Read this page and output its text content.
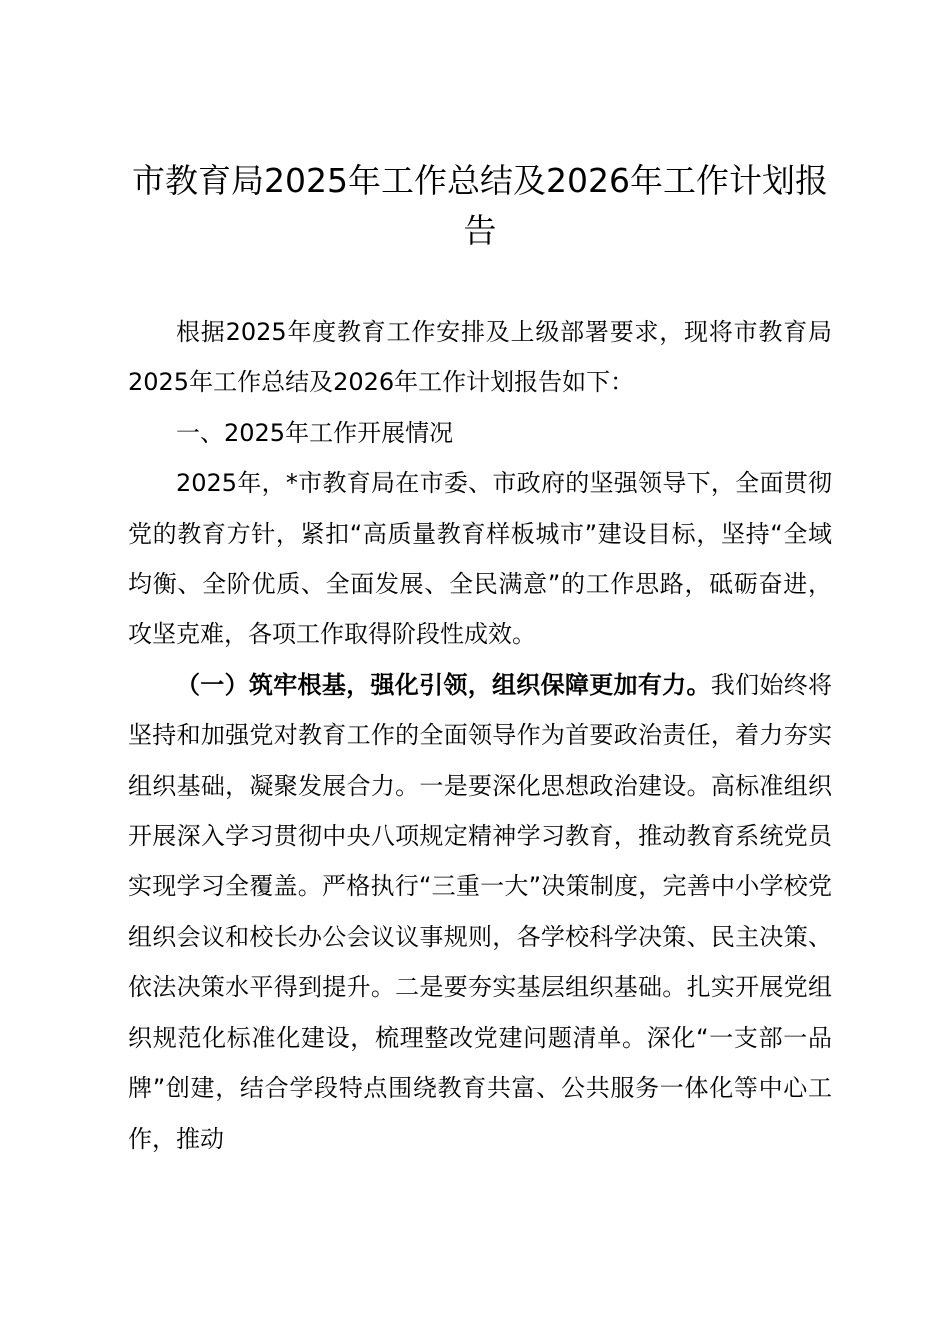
市教育局2025年工作总结及2026年工作计划报告

根据2025年度教育工作安排及上级部署要求，现将市教育局2025年工作总结及2026年工作计划报告如下：

一、2025年工作开展情况

2025年，*市教育局在市委、市政府的坚强领导下，全面贯彻党的教育方针，紧扣“高质量教育样板城市”建设目标，坚持“全域均衡、全阶优质、全面发展、全民满意”的工作思路，砥砺奋进，攻坚克难，各项工作取得阶段性成效。

（一）筑牢根基，强化引领，组织保障更加有力。我们始终将坚持和加强党对教育工作的全面领导作为首要政治责任，着力夯实组织基础，凝聚发展合力。一是要深化思想政治建设。高标准组织开展深入学习贯彻中央八项规定精神学习教育，推动教育系统党员实现学习全覆盖。严格执行“三重一大”决策制度，完善中小学校党组织会议和校长办公会议议事规则，各学校科学决策、民主决策、依法决策水平得到提升。二是要夯实基层组织基础。扎实开展党组织规范化标准化建设，梳理整改党建问题清单。深化“一支部一品牌”创建，结合学段特点围绕教育共富、公共服务一体化等中心工作，推动
